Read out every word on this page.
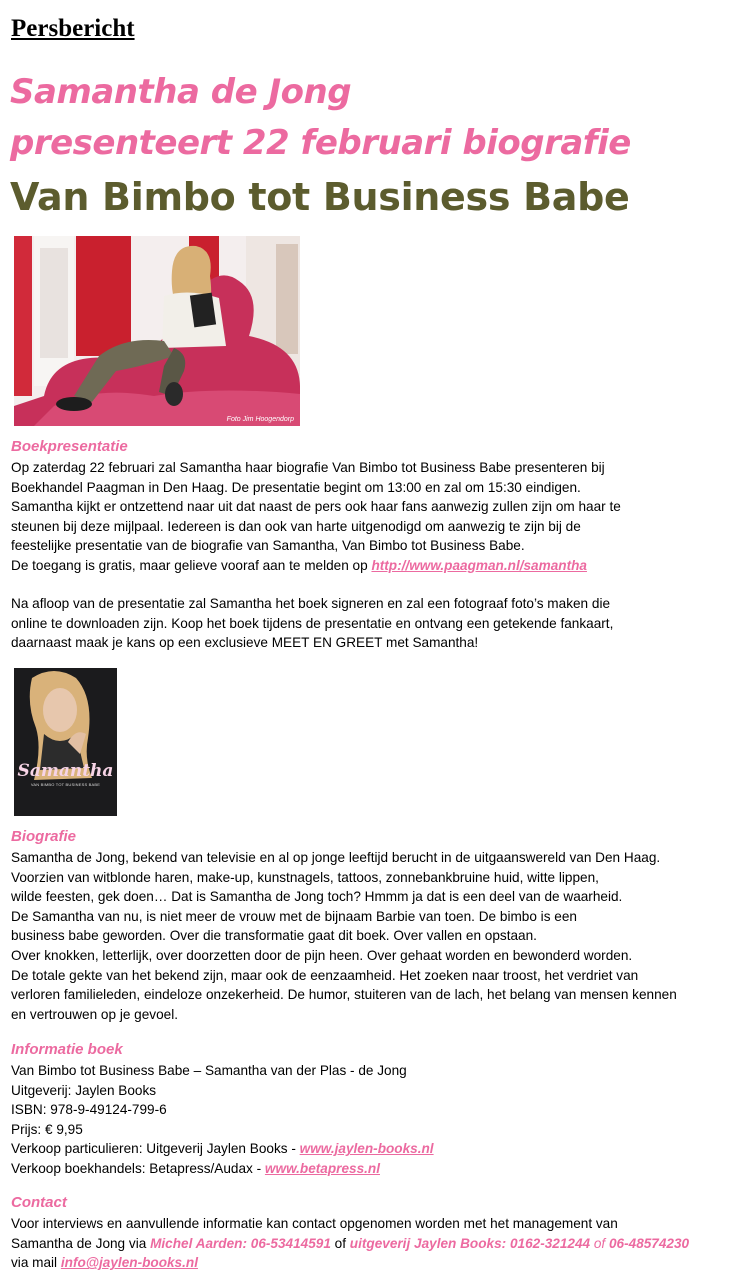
Persbericht
Samantha de Jong
presenteert 22 februari biografie
Van Bimbo tot Business Babe
Foto Jim Hoogendorp
Boekpresentatie
Op zaterdag 22 februari zal Samantha haar biografie Van Bimbo tot Business Babe presenteren bij
Boekhandel Paagman in Den Haag. De presentatie begint om 13:00 en zal om 15:30 eindigen.
Samantha kijkt er ontzettend naar uit dat naast de pers ook haar fans aanwezig zullen zijn om haar te
steunen bij deze mijlpaal. Iedereen is dan ook van harte uitgenodigd om aanwezig te zijn bij de
feestelijke presentatie van de biografie van Samantha, Van Bimbo tot Business Babe.
De toegang is gratis, maar gelieve vooraf aan te melden op http://www.paagman.nl/samantha
Na afloop van de presentatie zal Samantha het boek signeren en zal een fotograaf foto’s maken die
online te downloaden zijn. Koop het boek tijdens de presentatie en ontvang een getekende fankaart,
daarnaast maak je kans op een exclusieve MEET EN GREET met Samantha!
Samantha
VAN BIMBO TOT BUSINESS BABE
Biografie
Samantha de Jong, bekend van televisie en al op jonge leeftijd berucht in de uitgaanswereld van Den Haag.
Voorzien van witblonde haren, make-up, kunstnagels, tattoos, zonnebankbruine huid, witte lippen,
wilde feesten, gek doen… Dat is Samantha de Jong toch? Hmmm ja dat is een deel van de waarheid.
De Samantha van nu, is niet meer de vrouw met de bijnaam Barbie van toen. De bimbo is een
business babe geworden. Over die transformatie gaat dit boek. Over vallen en opstaan.
Over knokken, letterlijk, over doorzetten door de pijn heen. Over gehaat worden en bewonderd worden.
De totale gekte van het bekend zijn, maar ook de eenzaamheid. Het zoeken naar troost, het verdriet van
verloren familieleden, eindeloze onzekerheid. De humor, stuiteren van de lach, het belang van mensen kennen
en vertrouwen op je gevoel.
Informatie boek
Van Bimbo tot Business Babe – Samantha van der Plas - de Jong
Uitgeverij: Jaylen Books
ISBN: 978-9-49124-799-6
Prijs: € 9,95
Verkoop particulieren: Uitgeverij Jaylen Books - www.jaylen-books.nl
Verkoop boekhandels: Betapress/Audax - www.betapress.nl
Contact
Voor interviews en aanvullende informatie kan contact opgenomen worden met het management van
Samantha de Jong via Michel Aarden: 06-53414591 of uitgeverij Jaylen Books: 0162-321244 of 06-48574230
via mail info@jaylen-books.nl
